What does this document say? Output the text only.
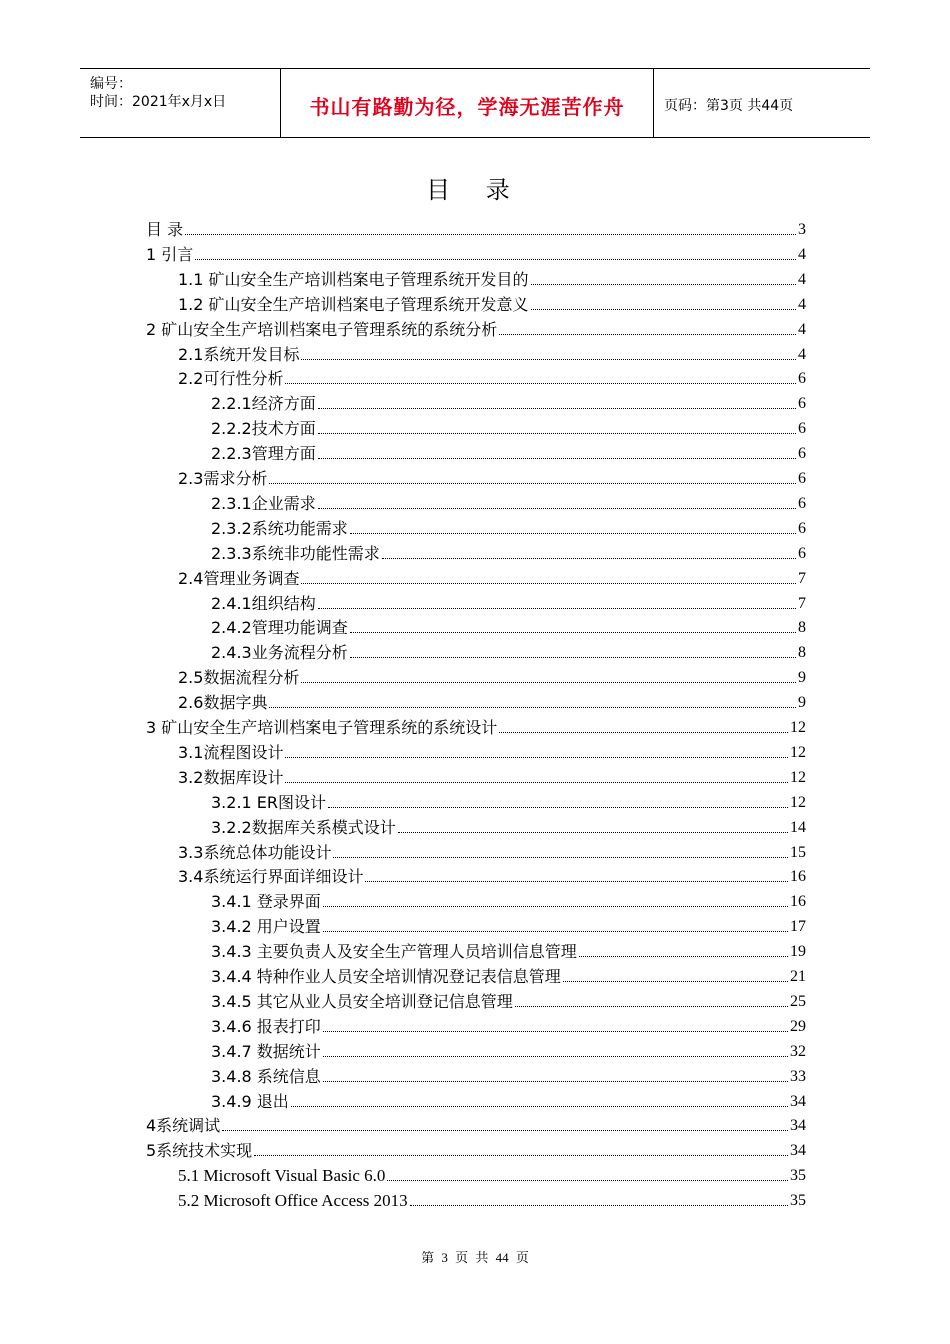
编号：
时间：2021年x月x日	书山有路勤为径，学海无涯苦作舟	页码：第3页 共44页
目 录
目 录	3
1 引言	4
1.1 矿山安全生产培训档案电子管理系统开发目的	4
1.2 矿山安全生产培训档案电子管理系统开发意义	4
2 矿山安全生产培训档案电子管理系统的系统分析	4
2.1系统开发目标	4
2.2可行性分析	6
2.2.1经济方面	6
2.2.2技术方面	6
2.2.3管理方面	6
2.3需求分析	6
2.3.1企业需求	6
2.3.2系统功能需求	6
2.3.3系统非功能性需求	6
2.4管理业务调查	7
2.4.1组织结构	7
2.4.2管理功能调查	8
2.4.3业务流程分析	8
2.5数据流程分析	9
2.6数据字典	9
3 矿山安全生产培训档案电子管理系统的系统设计	12
3.1流程图设计	12
3.2数据库设计	12
3.2.1 ER图设计	12
3.2.2数据库关系模式设计	14
3.3系统总体功能设计	15
3.4系统运行界面详细设计	16
3.4.1 登录界面	16
3.4.2 用户设置	17
3.4.3 主要负责人及安全生产管理人员培训信息管理	19
3.4.4 特种作业人员安全培训情况登记表信息管理	21
3.4.5 其它从业人员安全培训登记信息管理	25
3.4.6 报表打印	29
3.4.7 数据统计	32
3.4.8 系统信息	33
3.4.9 退出	34
4系统调试	34
5系统技术实现	34
5.1 Microsoft Visual Basic 6.0	35
5.2 Microsoft Office Access 2013	35
第 3 页 共 44 页
